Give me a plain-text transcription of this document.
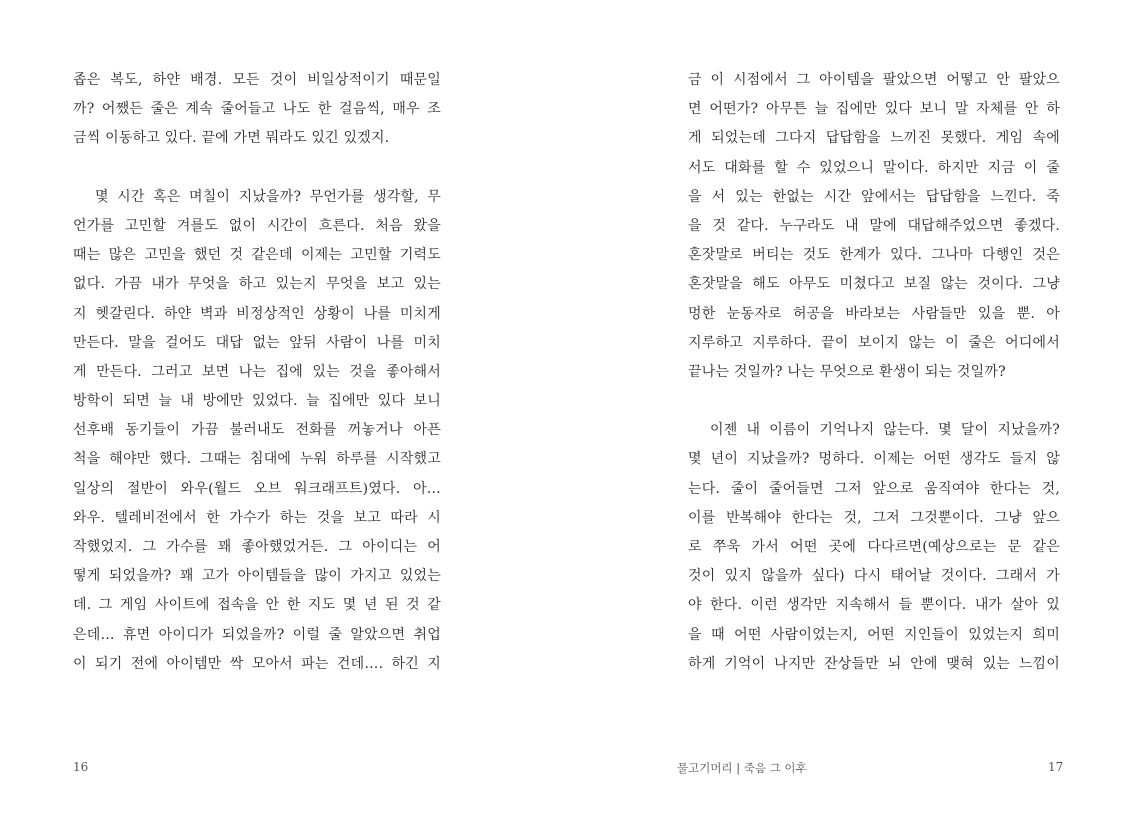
좁은 복도, 하얀 배경. 모든 것이 비일상적이기 때문일
까? 어쨌든 줄은 계속 줄어들고 나도 한 걸음씩, 매우 조
금씩 이동하고 있다. 끝에 가면 뭐라도 있긴 있겠지.
몇 시간 혹은 며칠이 지났을까? 무언가를 생각할, 무
언가를 고민할 겨를도 없이 시간이 흐른다. 처음 왔을
때는 많은 고민을 했던 것 같은데 이제는 고민할 기력도
없다. 가끔 내가 무엇을 하고 있는지 무엇을 보고 있는
지 헷갈린다. 하얀 벽과 비정상적인 상황이 나를 미치게
만든다. 말을 걸어도 대답 없는 앞뒤 사람이 나를 미치
게 만든다. 그러고 보면 나는 집에 있는 것을 좋아해서
방학이 되면 늘 내 방에만 있었다. 늘 집에만 있다 보니
선후배 동기들이 가끔 불러내도 전화를 꺼놓거나 아픈
척을 해야만 했다. 그때는 침대에 누워 하루를 시작했고
일상의 절반이 와우(월드 오브 워크래프트)였다. 아…
와우. 텔레비전에서 한 가수가 하는 것을 보고 따라 시
작했었지. 그 가수를 꽤 좋아했었거든. 그 아이디는 어
떻게 되었을까? 꽤 고가 아이템들을 많이 가지고 있었는
데. 그 게임 사이트에 접속을 안 한 지도 몇 년 된 것 같
은데… 휴면 아이디가 되었을까? 이럴 줄 알았으면 취업
이 되기 전에 아이템만 싹 모아서 파는 건데…. 하긴 지
16
금 이 시점에서 그 아이템을 팔았으면 어떻고 안 팔았으
면 어떤가? 아무튼 늘 집에만 있다 보니 말 자체를 안 하
게 되었는데 그다지 답답함을 느끼진 못했다. 게임 속에
서도 대화를 할 수 있었으니 말이다. 하지만 지금 이 줄
을 서 있는 한없는 시간 앞에서는 답답함을 느낀다. 죽
을 것 같다. 누구라도 내 말에 대답해주었으면 좋겠다.
혼잣말로 버티는 것도 한계가 있다. 그나마 다행인 것은
혼잣말을 해도 아무도 미쳤다고 보질 않는 것이다. 그냥
멍한 눈동자로 허공을 바라보는 사람들만 있을 뿐. 아
지루하고 지루하다. 끝이 보이지 않는 이 줄은 어디에서
끝나는 것일까? 나는 무엇으로 환생이 되는 것일까?
이젠 내 이름이 기억나지 않는다. 몇 달이 지났을까?
몇 년이 지났을까? 멍하다. 이제는 어떤 생각도 들지 않
는다. 줄이 줄어들면 그저 앞으로 움직여야 한다는 것,
이를 반복해야 한다는 것, 그저 그것뿐이다. 그냥 앞으
로 쭈욱 가서 어떤 곳에 다다르면(예상으로는 문 같은
것이 있지 않을까 싶다) 다시 태어날 것이다. 그래서 가
야 한다. 이런 생각만 지속해서 들 뿐이다. 내가 살아 있
을 때 어떤 사람이었는지, 어떤 지인들이 있었는지 희미
하게 기억이 나지만 잔상들만 뇌 안에 맺혀 있는 느낌이
물고기머리 | 죽음 그 이후	17
